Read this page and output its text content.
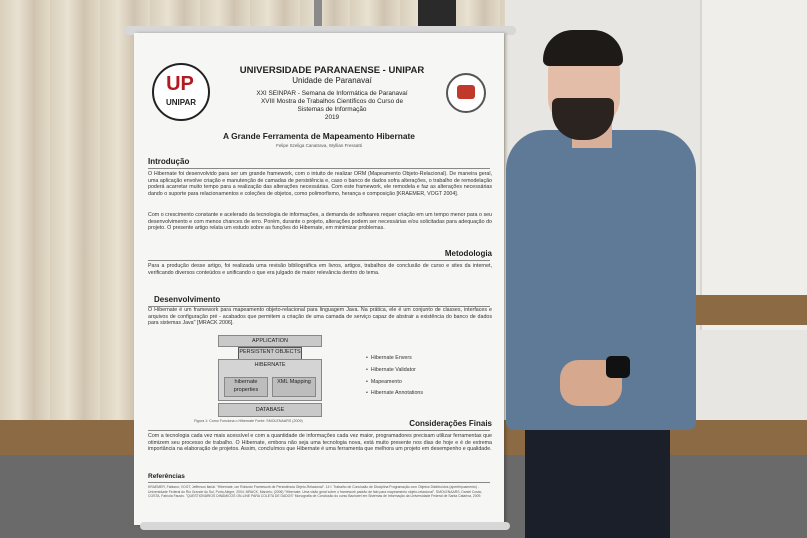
UP
UNIPAR
UNIVERSIDADE PARANAENSE - UNIPAR
Unidade de Paranavaí
XXI SEINPAR - Semana de Informática de Paranavaí
XVIII Mostra de Trabalhos Científicos do Curso de
Sistemas de Informação
2019
A Grande Ferramenta de Mapeamento Hibernate
Felipe Szeliga Canatrava, Wyllian Fressatti
Introdução
O Hibernate foi desenvolvido para ser um grande framework, com o intuito de realizar ORM (Mapeamento Objeto-Relacional). De maneira geral, uma aplicação envolve criação e manutenção de camadas de persistência e, caso o banco de dados sofra alterações, o trabalho de remodelação poderá acarretar muito tempo para a realização das alterações necessárias. Com este framework, ele remodela e faz as alterações necessárias dando o suporte para relacionamentos e coleções de objetos, como polimorfismo, herança e composição [KRAEMER, VOGT 2004].
Com o crescimento constante e acelerado da tecnologia de informações, a demanda de softwares requer criação em um tempo menor para o seu desenvolvimento e com menos chances de erro. Porém, durante o projeto, alterações podem ser necessárias e/ou solicitadas para adequação do projeto. O presente artigo relata um estudo sobre as funções do Hibernate, em minimizar problemas.
Metodologia
Para a produção desse artigo, foi realizada uma revisão bibliográfica em livros, artigos, trabalhos de conclusão de curso e sites da internet, verificando diversos conteúdos e unificando o que era julgado de maior relevância dentro do tema.
Desenvolvimento
O Hibernate é um framework para mapeamento objeto-relacional para linguagem Java. Na prática, ele é um conjunto de classes, interfaces e arquivos de configuração pré - acabados que permitem a criação de uma camada de serviço capaz de abstrair a existência do banco de dados para sistemas Java" [MRACK 2006].
APPLICATION
PERSISTENT OBJECTS
HIBERNATE
hibernate properties
XML Mapping
DATABASE
Figura 1: Como Funciona o Hibernate Fonte: SMOLENAARS (2009)
• Hibernate Envers
• Hibernate Validator
• Mapeamento
• Hibernate Annotations
Considerações Finais
Com a tecnologia cada vez mais acessível e com a quantidade de informações cada vez maior, programadores precisam utilizar ferramentas que otimizem seu processo de trabalho. O Hibernate, embora não seja uma tecnologia nova, está muito presente nos dias de hoje e é de extrema importância na elaboração de projetos. Assim, concluímos que Hibernate é uma ferramenta que melhora um projeto em desempenho e qualidade.
Referências
KRAEMER, Fabiano; VOGT, Jefferson Ilarial. "Hibernate, um Robusto Framework de Persistência Objeto-Relacional". 14 f. Trabalho de Conclusão de Disciplina Programação com Objetos Distribuídos (aperfeiçoamento) - Universidade Federal do Rio Grande do Sul, Porto Alegre, 2004. MRACK, Marcelo; (2006) "Hibernate. Uma visão geral sobre o framework padrão de fato para mapeamento objeto-relacional". SMOLENAARS, Daniel Costa; COSTA, Fabíola Fausto. "QUESTIONÁRIOS DINÂMICOS ON-LINE PARA COLETA DE DADOS" Monografia de Conclusão do curso Bacharel em Sistemas de Informação da Universidade Federal de Santa Catarina, 2009.
